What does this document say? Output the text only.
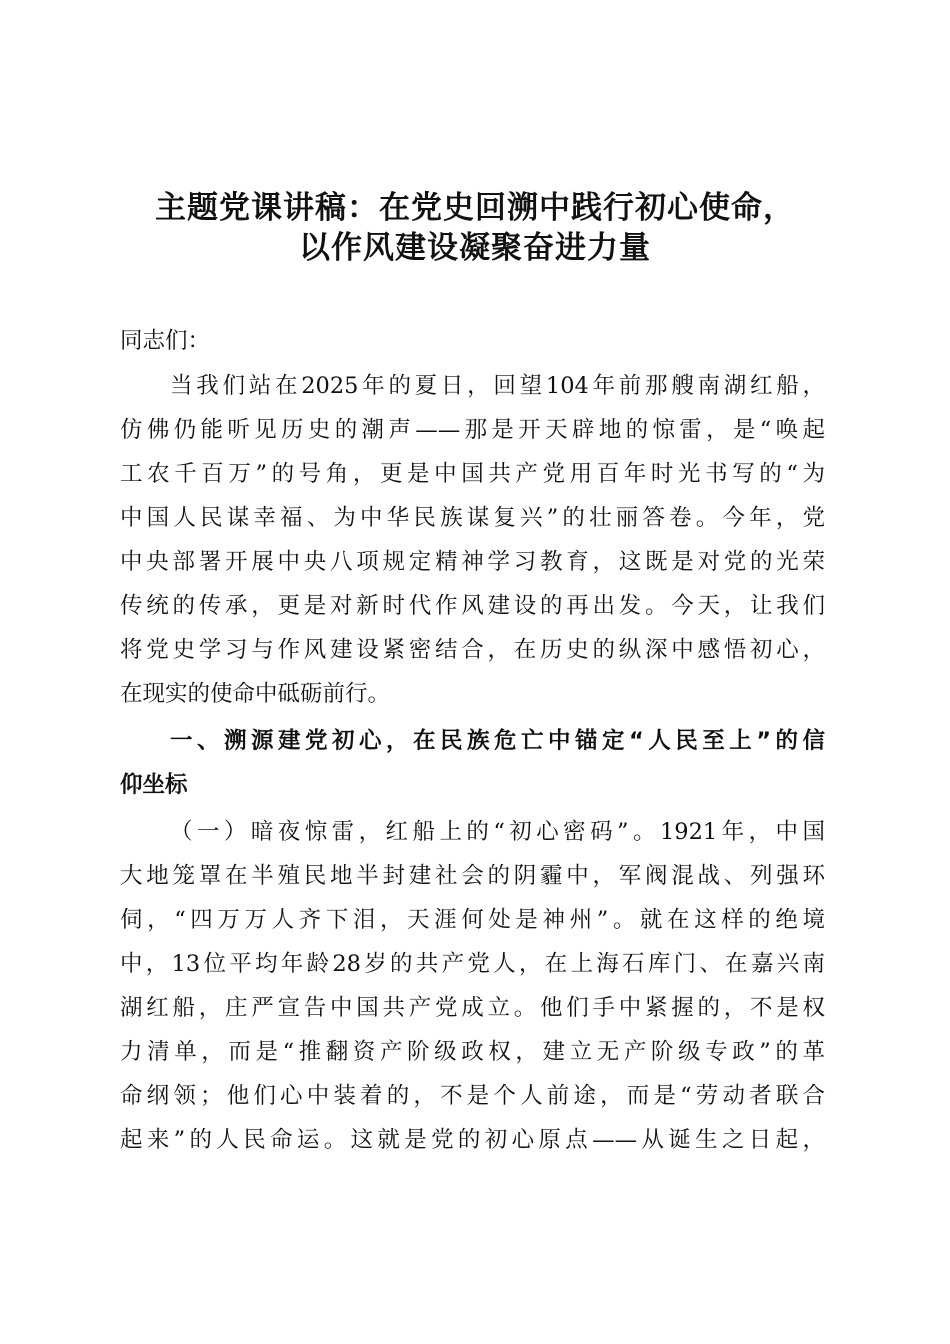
主题党课讲稿：在党史回溯中践行初心使命，
以作风建设凝聚奋进力量
同志们：
当我们站在2025年的夏日，回望104年前那艘南湖红船，
仿佛仍能听见历史的潮声——那是开天辟地的惊雷，是“唤起
工农千百万”的号角，更是中国共产党用百年时光书写的“为
中国人民谋幸福、为中华民族谋复兴”的壮丽答卷。今年，党
中央部署开展中央八项规定精神学习教育，这既是对党的光荣
传统的传承，更是对新时代作风建设的再出发。今天，让我们
将党史学习与作风建设紧密结合，在历史的纵深中感悟初心，
在现实的使命中砥砺前行。
一、溯源建党初心，在民族危亡中锚定“人民至上”的信
仰坐标
（一）暗夜惊雷，红船上的“初心密码”。1921年，中国
大地笼罩在半殖民地半封建社会的阴霾中，军阀混战、列强环
伺，“四万万人齐下泪，天涯何处是神州”。就在这样的绝境
中，13位平均年龄28岁的共产党人，在上海石库门、在嘉兴南
湖红船，庄严宣告中国共产党成立。他们手中紧握的，不是权
力清单，而是“推翻资产阶级政权，建立无产阶级专政”的革
命纲领；他们心中装着的，不是个人前途，而是“劳动者联合
起来”的人民命运。这就是党的初心原点——从诞生之日起，
